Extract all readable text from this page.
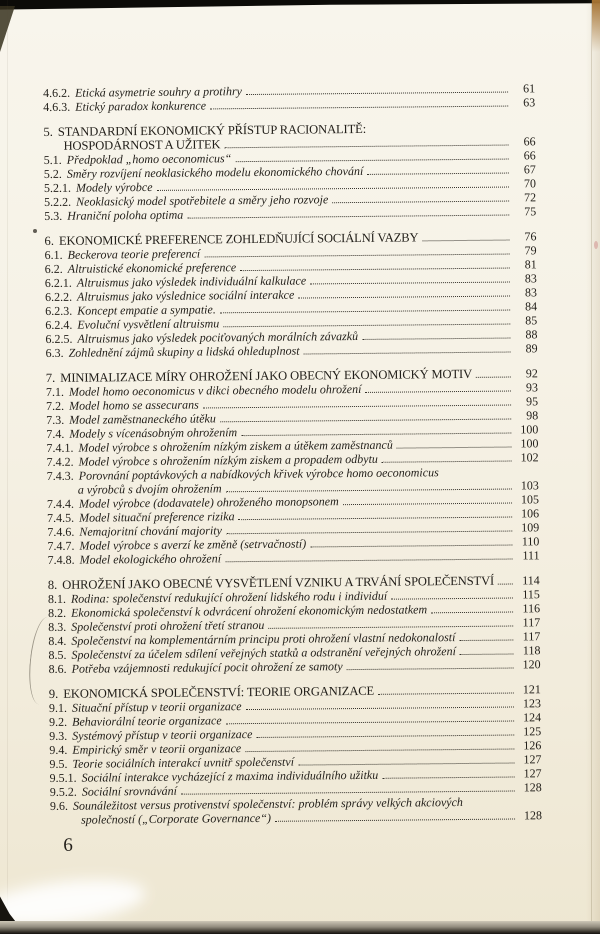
4.6.2. Etická asymetrie souhry a protihry	61
4.6.3. Etický paradox konkurence	63
5. STANDARDNÍ EKONOMICKÝ PŘÍSTUP RACIONALITĚ:
HOSPODÁRNOST A UŽITEK	66
5.1. Předpoklad „homo oeconomicus“	66
5.2. Směry rozvíjení neoklasického modelu ekonomického chování	67
5.2.1. Modely výrobce	70
5.2.2. Neoklasický model spotřebitele a směry jeho rozvoje	72
5.3. Hraniční poloha optima	75
6. EKONOMICKÉ PREFERENCE ZOHLEDŇUJÍCÍ SOCIÁLNÍ VAZBY	76
6.1. Beckerova teorie preferencí	79
6.2. Altruistické ekonomické preference	81
6.2.1. Altruismus jako výsledek individuální kalkulace	83
6.2.2. Altruismus jako výslednice sociální interakce	83
6.2.3. Koncept empatie a sympatie.	84
6.2.4. Evoluční vysvětlení altruismu	85
6.2.5. Altruismus jako výsledek pociťovaných morálních závazků	88
6.3. Zohlednění zájmů skupiny a lidská ohleduplnost	89
7. MINIMALIZACE MÍRY OHROŽENÍ JAKO OBECNÝ EKONOMICKÝ MOTIV	92
7.1. Model homo oeconomicus v dikci obecného modelu ohrožení	93
7.2. Model homo se assecurans	95
7.3. Model zaměstnaneckého útěku	98
7.4. Modely s vícenásobným ohrožením	100
7.4.1. Model výrobce s ohrožením nízkým ziskem a útěkem zaměstnanců	100
7.4.2. Model výrobce s ohrožením nízkým ziskem a propadem odbytu	102
7.4.3. Porovnání poptávkových a nabídkových křivek výrobce homo oeconomicus
a výrobců s dvojím ohrožením	103
7.4.4. Model výrobce (dodavatele) ohroženého monopsonem	105
7.4.5. Model situační preference rizika	106
7.4.6. Nemajoritní chování majority	109
7.4.7. Model výrobce s averzí ke změně (setrvačností)	110
7.4.8. Model ekologického ohrožení	111
8. OHROŽENÍ JAKO OBECNÉ VYSVĚTLENÍ VZNIKU A TRVÁNÍ SPOLEČENSTVÍ	114
8.1. Rodina: společenství redukující ohrožení lidského rodu i individuí	115
8.2. Ekonomická společenství k odvrácení ohrožení ekonomickým nedostatkem	116
8.3. Společenství proti ohrožení třetí stranou	117
8.4. Společenství na komplementárním principu proti ohrožení vlastní nedokonalostí	117
8.5. Společenství za účelem sdílení veřejných statků a odstranění veřejných ohrožení	118
8.6. Potřeba vzájemnosti redukující pocit ohrožení ze samoty	120
9. EKONOMICKÁ SPOLEČENSTVÍ: TEORIE ORGANIZACE	121
9.1. Situační přístup v teorii organizace	123
9.2. Behaviorální teorie organizace	124
9.3. Systémový přístup v teorii organizace	125
9.4. Empirický směr v teorii organizace	126
9.5. Teorie sociálních interakcí uvnitř společenství	127
9.5.1. Sociální interakce vycházející z maxima individuálního užitku	127
9.5.2. Sociální srovnávání	128
9.6. Sounáležitost versus protivenství společenství: problém správy velkých akciových
společností („Corporate Governance“)	128
6
